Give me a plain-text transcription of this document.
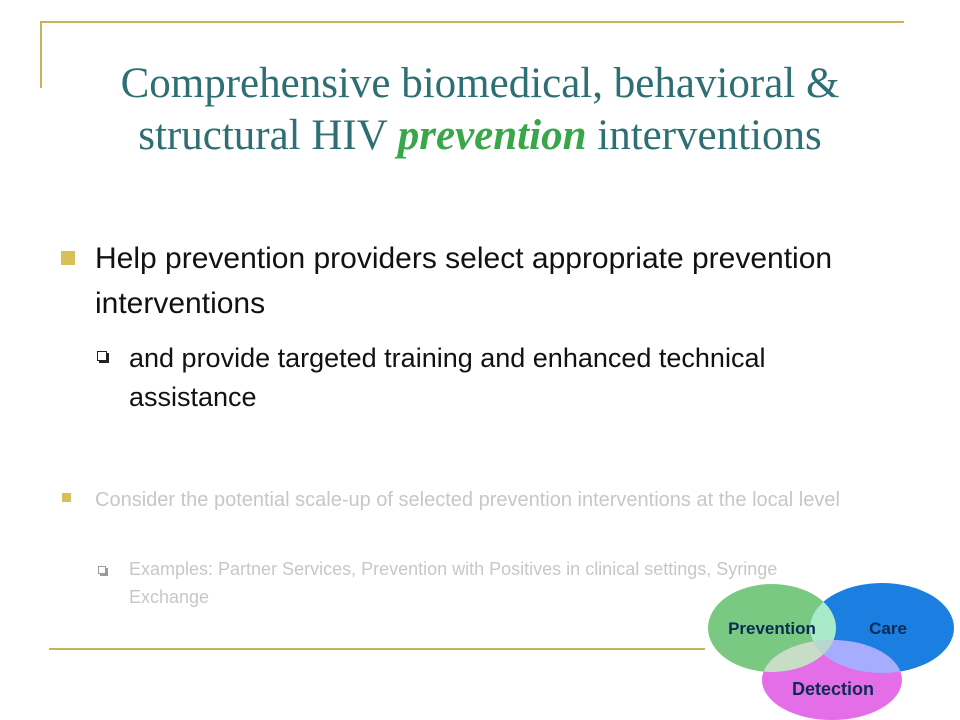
Comprehensive biomedical, behavioral &
structural HIV prevention interventions

Help prevention providers select appropriate prevention interventions

and provide targeted training and enhanced technical assistance

Consider the potential scale-up of selected prevention interventions at the local level

Examples: Partner Services, Prevention with Positives in clinical settings, Syringe Exchange

Prevention	Care
Detection
